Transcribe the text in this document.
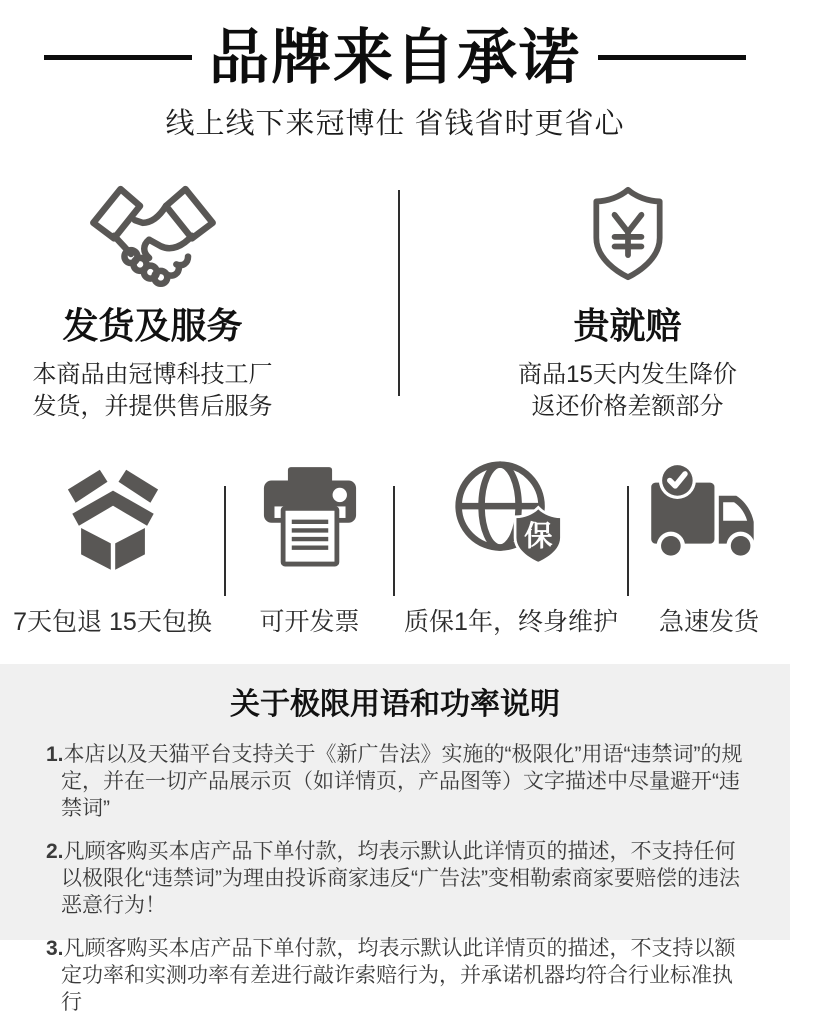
品牌来自承诺
线上线下来冠博仕 省钱省时更省心
发货及服务
本商品由冠博科技工厂
发货，并提供售后服务
贵就赔
商品15天内发生降价
返还价格差额部分
7天包退 15天包换 可开发票
保
质保1年，终身维护 急速发货
关于极限用语和功率说明

1.本店以及天猫平台支持关于《新广告法》实施的“极限化”用语“违禁词”的规定，并在一切产品展示页（如详情页，产品图等）文字描述中尽量避开“违禁词”

2.凡顾客购买本店产品下单付款，均表示默认此详情页的描述，不支持任何以极限化“违禁词”为理由投诉商家违反“广告法”变相勒索商家要赔偿的违法恶意行为！

3.凡顾客购买本店产品下单付款，均表示默认此详情页的描述，不支持以额定功率和实测功率有差进行敲诈索赔行为，并承诺机器均符合行业标准执行
